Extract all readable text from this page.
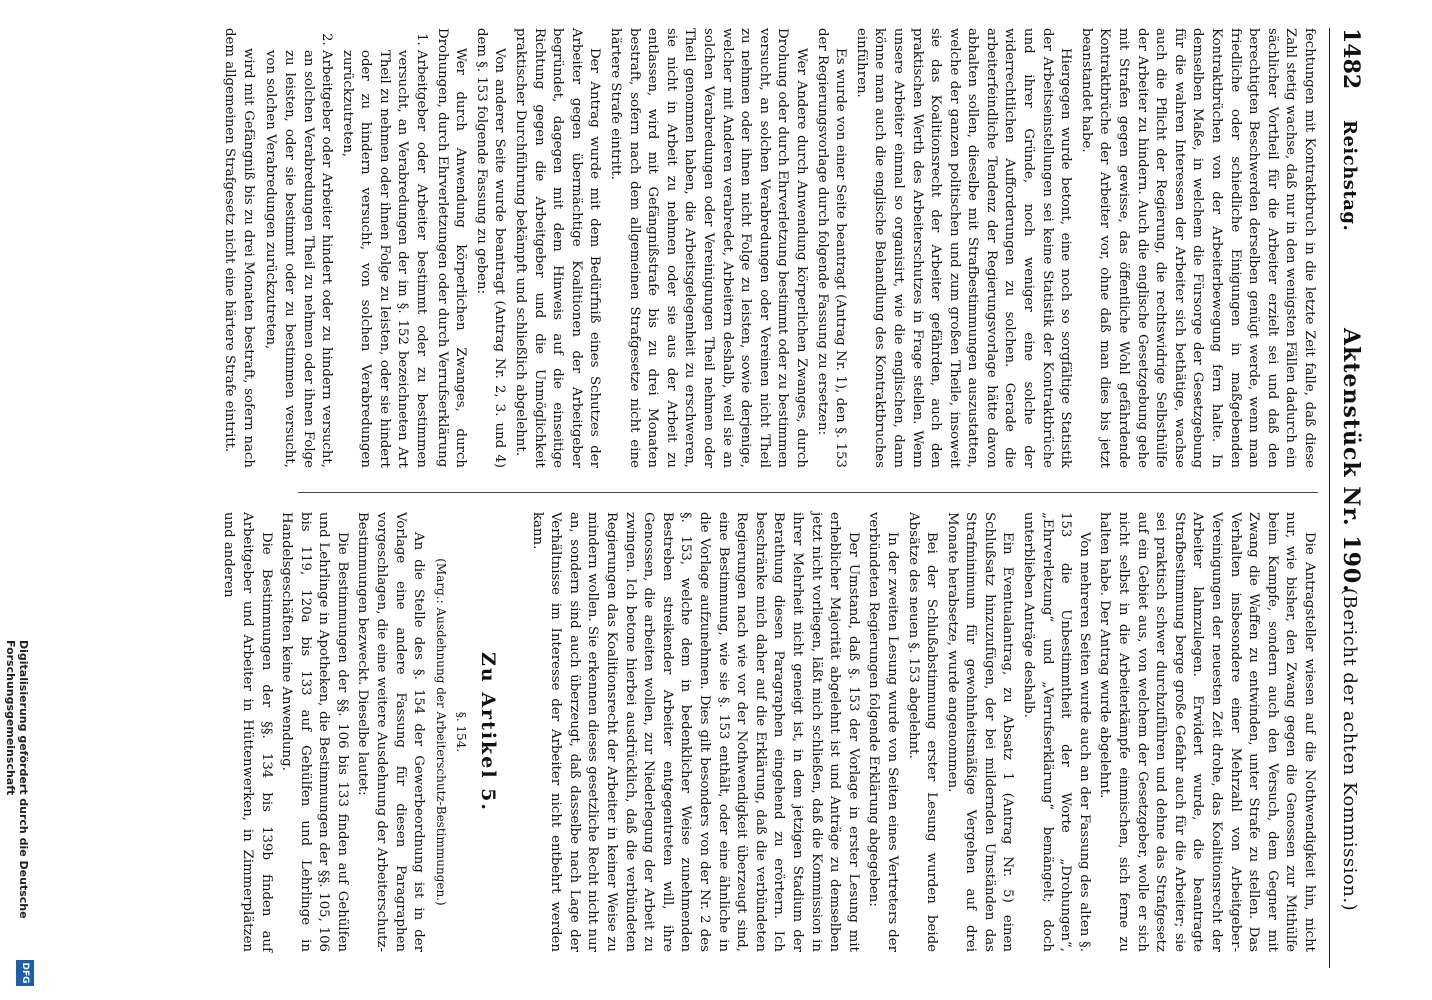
1482
Reichstag.
Aktenstück Nr. 190.
(Bericht der achten Kommission.)

fechtungen mit Kontraktbruch in die letzte Zeit falle, daß diese Zahl stetig wachse, daß nur in den wenigsten Fällen dadurch ein sächlicher Vortheil für die Arbeiter erzielt sei und daß den berechtigten Beschwerden derselben genügt werde, wenn man friedliche oder schiedliche Einigungen in maßgebenden Kontraktbrüchen von der Arbeiterbewegung fern halte. In demselben Maße, in welchem die Fürsorge der Gesetzgebung für die wahren Interessen der Arbeiter sich bethätige, wachse auch die Pflicht der Regierung, die rechtswidrige Selbsthülfe der Arbeiter zu hindern. Auch die englische Gesetzgebung gehe mit Strafen gegen gewisse, das öffentliche Wohl gefährdende Kontraktbrüche der Arbeiter vor, ohne daß man dies bis jetzt beanstandet habe.

Hiergegen wurde betont, eine noch so sorgfältige Statistik der Arbeitseinstellungen sei keine Statistik der Kontraktbrüche und ihrer Gründe, noch weniger eine solche der widerrechtlichen Aufforderungen zu solchen. Gerade die arbeiterfeindliche Tendenz der Regierungsvorlage hätte davon abhalten sollen, dieselbe mit Strafbestimmungen auszustatten, welche der ganzen politischen und zum großen Theile, insoweit sie das Koalitionsrecht der Arbeiter gefährden, auch den praktischen Werth des Arbeiterschutzes in Frage stellen. Wenn unsere Arbeiter einmal so organisirt, wie die englischen, dann könne man auch die englische Behandlung des Kontraktbruches einführen.

Es wurde von einer Seite beantragt (Antrag Nr. 1), den §. 153 der Regierungsvorlage durch folgende Fassung zu ersetzen:

Wer Andere durch Anwendung körperlichen Zwanges, durch Drohung oder durch Ehrverletzung bestimmt oder zu bestimmen versucht, an solchen Verabredungen oder Vereinen nicht Theil zu nehmen oder ihnen nicht Folge zu leisten, sowie derjenige, welcher mit Anderen verabredet, Arbeitern deshalb, weil sie an solchen Verabredungen oder Vereinigungen Theil nehmen oder Theil genommen haben, die Arbeitsgelegenheit zu erschweren, sie nicht in Arbeit zu nehmen oder sie aus der Arbeit zu entlassen, wird mit Gefängnißstrafe bis zu drei Monaten bestraft, sofern nach dem allgemeinen Strafgesetze nicht eine härtere Strafe eintritt.

Der Antrag wurde mit dem Bedürfniß eines Schutzes der Arbeiter gegen übermächtige Koalitionen der Arbeitgeber begründet, dagegen mit dem Hinweis auf die einseitige Richtung gegen die Arbeitgeber und die Unmöglichkeit praktischer Durchführung bekämpft und schließlich abgelehnt.

Von anderer Seite wurde beantragt (Antrag Nr. 2, 3. und 4) dem §. 153 folgende Fassung zu geben:

Wer durch Anwendung körperlichen Zwanges, durch Drohungen, durch Ehrverletzungen oder durch Verrufserklärung

1. Arbeitgeber oder Arbeiter bestimmt oder zu bestimmen versucht, an Verabredungen der im §. 152 bezeichneten Art Theil zu nehmen oder ihnen Folge zu leisten, oder sie hindert oder zu hindern versucht, von solchen Verabredungen zurückzutreten,
2. Arbeitgeber oder Arbeiter hindert oder zu hindern versucht, an solchen Verabredungen Theil zu nehmen oder ihnen Folge zu leisten, oder sie bestimmt oder zu bestimmen versucht, von solchen Verabredungen zurückzutreten,

wird mit Gefängniß bis zu drei Monaten bestraft, sofern nach dem allgemeinen Strafgesetz nicht eine härtere Strafe eintritt.

Die Antragsteller wiesen auf die Nothwendigkeit hin, nicht nur, wie bisher, den Zwang gegen die Genossen zur Mithülfe beim Kampfe, sondern auch den Versuch, dem Gegner mit Zwang die Waffen zu entwinden, unter Strafe zu stellen. Das Verhalten insbesondere einer Mehrzahl von Arbeitgeber-Vereinigungen der neuesten Zeit drohe, das Koalitionsrecht der Arbeiter lahmzulegen. Erwidert wurde, die beantragte Strafbestimmung berge große Gefahr auch für die Arbeiter; sie sei praktisch schwer durchzuführen und dehne das Strafgesetz auf ein Gebiet aus, von welchem der Gesetzgeber, wolle er sich nicht selbst in die Arbeiterkämpfe einmischen, sich ferne zu halten habe. Der Antrag wurde abgelehnt.

Von mehreren Seiten wurde auch an der Fassung des alten §. 153 die Unbestimmtheit der Worte „Drohungen“, „Ehrverletzung“ und „Verrufserklärung“ bemängelt; doch unterblieben Anträge deshalb.

Ein Eventualantrag, zu Absatz 1 (Antrag Nr. 5) einen Schlußsatz hinzuzufügen, der bei mildernden Umständen das Strafminimum für gewohnheitsmäßige Vergehen auf drei Monate herabsetze, wurde angenommen.

Bei der Schlußabstimmung erster Lesung wurden beide Absätze des neuen §. 153 abgelehnt.

In der zweiten Lesung wurde von Seiten eines Vertreters der verbündeten Regierungen folgende Erklärung abgegeben:

Der Umstand, daß §. 153 der Vorlage in erster Lesung mit erheblicher Majorität abgelehnt ist und Anträge zu demselben jetzt nicht vorliegen, läßt mich schließen, daß die Kommission in ihrer Mehrheit nicht geneigt ist, in dem jetzigen Stadium der Berathung diesen Paragraphen eingehend zu erörtern. Ich beschränke mich daher auf die Erklärung, daß die verbündeten Regierungen nach wie vor der Nothwendigkeit überzeugt sind, eine Bestimmung, wie sie §. 153 enthält, oder eine ähnliche in die Vorlage aufzunehmen. Dies gilt besonders von der Nr. 2 des §. 153, welche dem in bedenklicher Weise zunehmenden Bestreben streikender Arbeiter entgegentreten will, ihre Genossen, die arbeiten wollen, zur Niederlegung der Arbeit zu zwingen. Ich betone hierbei ausdrücklich, daß die verbündeten Regierungen das Koalitionsrecht der Arbeiter in keiner Weise zu mindern wollen. Sie erkennen dieses gesetzliche Recht nicht nur an, sondern sind auch überzeugt, daß dasselbe nach Lage der Verhältnisse im Interesse der Arbeiter nicht entbehrt werden kann.

Zu Artikel 5.
§. 154.
(Marg.: Ausdehnung der Arbeiterschutz-Bestimmungen.)

An die Stelle des §. 154 der Gewerbeordnung ist in der Vorlage eine andere Fassung für diesen Paragraphen vorgeschlagen, die eine weitere Ausdehnung der Arbeiterschutz-Bestimmungen bezweckt. Dieselbe lautet:

Die Bestimmungen der §§. 106 bis 133 finden auf Gehülfen und Lehrlinge in Apotheken, die Bestimmungen der §§. 105, 106 bis 119, 120a bis 133 auf Gehülfen und Lehrlinge in Handelsgeschäften keine Anwendung.

Die Bestimmungen der §§. 134 bis 139b finden auf Arbeitgeber und Arbeiter in Hüttenwerken, in Zimmerplätzen und anderen

Digitalisierung gefördert durch die Deutsche Forschungsgemeinschaft
DFG
